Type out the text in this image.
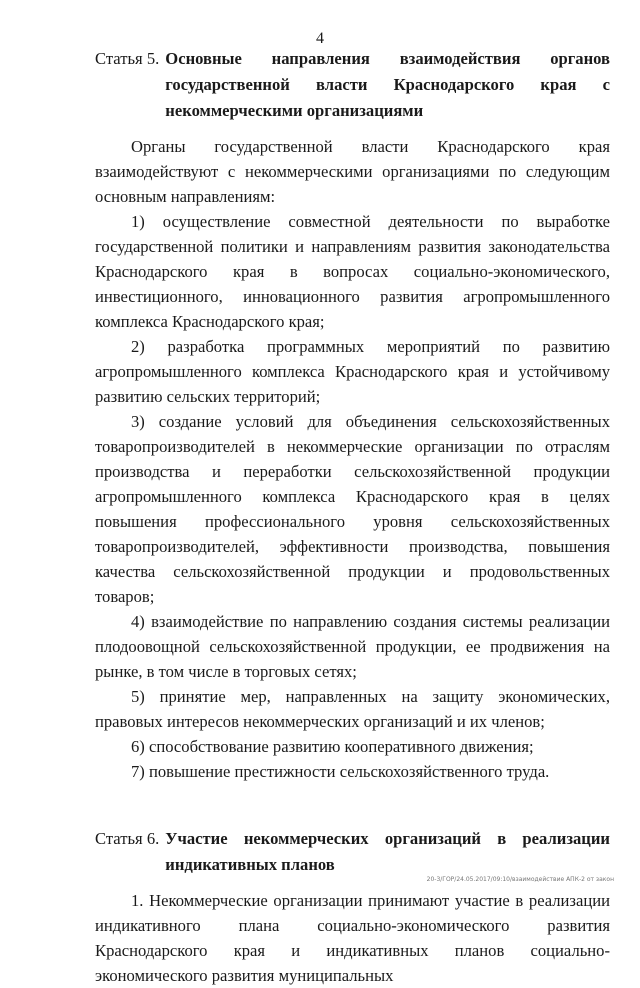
4
Статья 5. Основные направления взаимодействия органов государственной власти Краснодарского края с некоммерческими организациями

Органы государственной власти Краснодарского края взаимодействуют с некоммерческими организациями по следующим основным направлениям:

1) осуществление совместной деятельности по выработке государственной политики и направлениям развития законодательства Краснодарского края в вопросах социально-экономического, инвестиционного, инновационного развития агропромышленного комплекса Краснодарского края;

2) разработка программных мероприятий по развитию агропромышленного комплекса Краснодарского края и устойчивому развитию сельских территорий;

3) создание условий для объединения сельскохозяйственных товаропроизводителей в некоммерческие организации по отраслям производства и переработки сельскохозяйственной продукции агропромышленного комплекса Краснодарского края в целях повышения профессионального уровня сельскохозяйственных товаропроизводителей, эффективности производства, повышения качества сельскохозяйственной продукции и продовольственных товаров;

4) взаимодействие по направлению создания системы реализации плодоовощной сельскохозяйственной продукции, ее продвижения на рынке, в том числе в торговых сетях;

5) принятие мер, направленных на защиту экономических, правовых интересов некоммерческих организаций и их членов;

6) способствование развитию кооперативного движения;

7) повышение престижности сельскохозяйственного труда.

Статья 6. Участие некоммерческих организаций в реализации индикативных планов

1. Некоммерческие организации принимают участие в реализации индикативного плана социально-экономического развития Краснодарского края и индикативных планов социально-экономического развития муниципальных

20-3/ГОР/24.05.2017/09:10/взаимодействие АПК-2 от закон
